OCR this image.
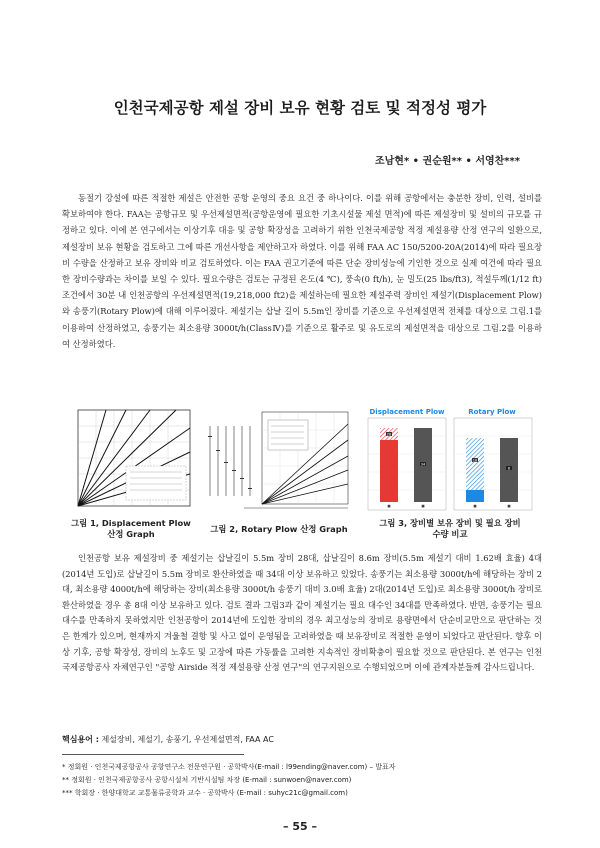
인천국제공항 제설 장비 보유 현황 검토 및 적정성 평가
조남현* • 권순원** • 서영찬***

동절기 강설에 따른 적절한 제설은 안전한 공항 운영의 중요 요건 중 하나이다. 이를 위해 공항에서는 충분한 장비, 인력, 설비를 확보하여야 한다. FAA는 공항규모 및 우선제설면적(공항운영에 필요한 기초시설물 제설 면적)에 따른 제설장비 및 설비의 규모를 규정하고 있다. 이에 본 연구에서는 이상기후 대응 및 공항 확장성을 고려하기 위한 인천국제공항 적정 제설용량 산정 연구의 일환으로, 제설장비 보유 현황을 검토하고 그에 따른 개선사항을 제안하고자 하였다. 이를 위해 FAA AC 150/5200-20A(2014)에 따라 필요장비 수량을 산정하고 보유 장비와 비교 검토하였다. 이는 FAA 권고기준에 따른 단순 장비성능에 기인한 것으로 실제 여건에 따라 필요한 장비수량과는 차이를 보일 수 있다. 필요수량은 검토는 규정된 온도(4 ℃), 풍속(0 ft/h), 눈 밀도(25 lbs/ft3), 적설두께(1/12 ft) 조건에서 30분 내 인천공항의 우선제설면적(19,218,000 ft2)을 제설하는데 필요한 제설주력 장비인 제설기(Displacement Plow)와 송풍기(Rotary Plow)에 대해 이루어졌다. 제설기는 삽날 길이 5.5m인 장비를 기준으로 우선제설면적 전체를 대상으로 그림.1를 이용하여 산정하였고, 송풍기는 최소용량 3000t/h(ClassⅣ)를 기준으로 활주로 및 유도로의 제설면적을 대상으로 그림.2를 이용하여 산정하였다.

그림 1, Displacement Plow
산정 Graph	그림 2, Rotary Plow 산정 Graph
Displacement Plow	Rotary Plow
28
34
■	■
18
8
■	■
그림 3, 장비별 보유 장비 및 필요 장비
수량 비교

인천공항 보유 제설장비 중 제설기는 삽날길이 5.5m 장비 28대, 삽날길이 8.6m 장비(5.5m 제설기 대비 1.62배 효율) 4대(2014년 도입)로 삽날길이 5.5m 장비로 환산하였을 때 34대 이상 보유하고 있었다. 송풍기는 최소용량 3000t/h에 해당하는 장비 2대, 최소용량 4000t/h에 해당하는 장비(최소용량 3000t/h 송풍기 대비 3.0배 효율) 2대(2014년 도입)로 최소용량 3000t/h 장비로 환산하였을 경우 총 8대 이상 보유하고 있다. 검토 결과 그림3과 같이 제설기는 필요 대수인 34대를 만족하였다. 반면, 송풍기는 필요대수를 만족하지 못하였지만 인천공항이 2014년에 도입한 장비의 경우 최고성능의 장비로 용량면에서 단순비교만으로 판단하는 것은 한계가 있으며, 현재까지 겨울철 결항 및 사고 없이 운영됨을 고려하였을 때 보유장비로 적절한 운영이 되었다고 판단된다. 향후 이상 기후, 공항 확장성, 장비의 노후도 및 고장에 따른 가동률을 고려한 지속적인 장비확충이 필요할 것으로 판단된다. 본 연구는 인천국제공항공사 자체연구인 "공항 Airside 적정 제설용량 산정 연구"의 연구지원으로 수행되었으며 이에 관계자분들께 감사드립니다.

핵심용어 : 제설장비, 제설기, 송풍기, 우선제설면적, FAA AC
* 정회원 · 인천국제공항공사 공항연구소 전문연구원 · 공학박사(E-mail : l99ending@naver.com) – 발표자
** 정회원 · 인천국제공항공사 공항시설처 기반시설팀 차장 (E-mail : sunwoen@naver.com)
*** 학회장 · 한양대학교 교통물류공학과 교수 · 공학박사 (E-mail : suhyc21c@gmail.com)
– 55 –
